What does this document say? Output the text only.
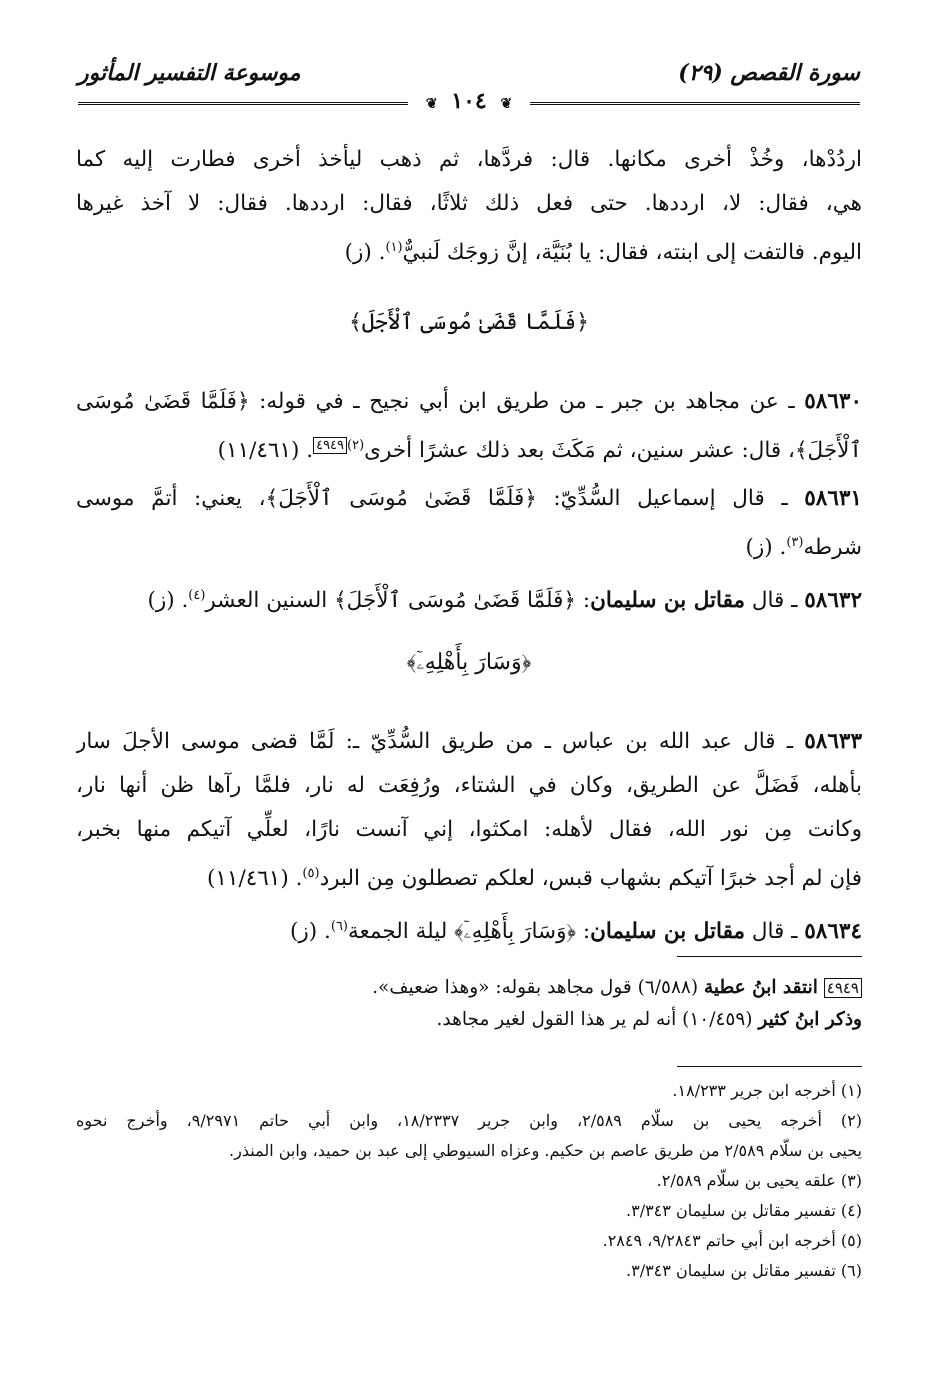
سورة القصص (٢٩)
موسوعة التفسير المأثور
❦ ١٠٤ ❦
اردُدْها، وخُذْ أخرى مكانها. قال: فردَّها، ثم ذهب ليأخذ أخرى فطارت إليه كما
هي، فقال: لا، ارددها. حتى فعل ذلك ثلاثًا، فقال: ارددها. فقال: لا آخذ غيرها
اليوم. فالتفت إلى ابنته، فقال: يا بُنَيَّة، إنَّ زوجَك لَنبيٌّ$^{(١)}$. (ز)
﴿فَلَمَّا قَضَىٰ مُوسَى ٱلْأَجَلَ﴾
٥٨٦٣٠ ـ عن مجاهد بن جبر ـ من طريق ابن أبي نجيح ـ في قوله: ﴿فَلَمَّا قَضَىٰ مُوسَى
ٱلْأَجَلَ﴾، قال: عشر سنين، ثم مَكَثَ بعد ذلك عشرًا أخرى$^{(٢)٤٩٤٩}$. (١١/٤٦١)
٥٨٦٣١ ـ قال إسماعيل السُّدِّيّ: ﴿فَلَمَّا قَضَىٰ مُوسَى ٱلْأَجَلَ﴾، يعني: أتمَّ موسى
شرطه$^{(٣)}$. (ز)
٥٨٦٣٢ ـ قال مقاتل بن سليمان: ﴿فَلَمَّا قَضَىٰ مُوسَى ٱلْأَجَلَ﴾ السنين العشر$^{(٤)}$. (ز)
﴿وَسَارَ بِأَهْلِهِۦٓ﴾
٥٨٦٣٣ ـ قال عبد الله بن عباس ـ من طريق السُّدِّيّ ـ: لَمَّا قضى موسى الأجلَ سار
بأهله، فَضَلَّ عن الطريق، وكان في الشتاء، ورُفِعَت له نار، فلمَّا رآها ظن أنها نار،
وكانت مِن نور الله، فقال لأهله: امكثوا، إني آنست نارًا، لعلِّي آتيكم منها بخبر،
فإن لم أجد خبرًا آتيكم بشهاب قبس، لعلكم تصطلون مِن البرد$^{(٥)}$. (١١/٤٦١)
٥٨٦٣٤ ـ قال مقاتل بن سليمان: ﴿وَسَارَ بِأَهْلِهِۦٓ﴾ ليلة الجمعة$^{(٦)}$. (ز)
٤٩٤٩ انتقد ابنُ عطية (٦/٥٨٨) قول مجاهد بقوله: «وهذا ضعيف».
وذكر ابنُ كثير (١٠/٤٥٩) أنه لم ير هذا القول لغير مجاهد.
(١) أخرجه ابن جرير ١٨/٢٣٣.
(٢) أخرجه يحيى بن سلّام ٢/٥٨٩، وابن جرير ١٨/٢٣٣٧، وابن أبي حاتم ٩/٢٩٧١، وأخرج نحوه
يحيى بن سلّام ٢/٥٨٩ من طريق عاصم بن حكيم. وعزاه السيوطي إلى عبد بن حميد، وابن المنذر.
(٣) علقه يحيى بن سلّام ٢/٥٨٩.
(٤) تفسير مقاتل بن سليمان ٣/٣٤٣.
(٥) أخرجه ابن أبي حاتم ٩/٢٨٤٣، ٢٨٤٩.
(٦) تفسير مقاتل بن سليمان ٣/٣٤٣.
